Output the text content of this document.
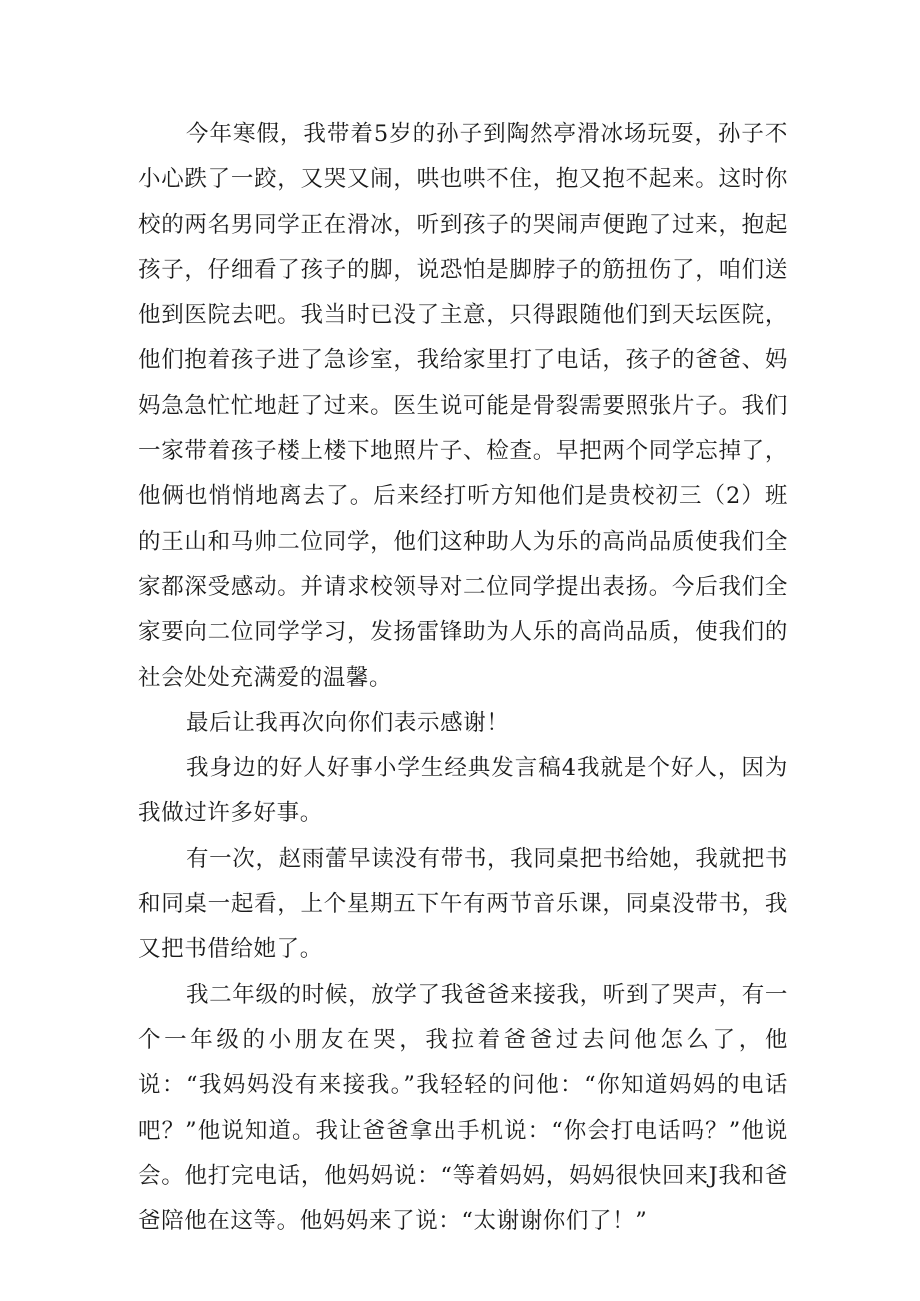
今年寒假，我带着5岁的孙子到陶然亭滑冰场玩耍，孙子不小心跌了一跤，又哭又闹，哄也哄不住，抱又抱不起来。这时你校的两名男同学正在滑冰，听到孩子的哭闹声便跑了过来，抱起孩子，仔细看了孩子的脚，说恐怕是脚脖子的筋扭伤了，咱们送他到医院去吧。我当时已没了主意，只得跟随他们到天坛医院，他们抱着孩子进了急诊室，我给家里打了电话，孩子的爸爸、妈妈急急忙忙地赶了过来。医生说可能是骨裂需要照张片子。我们一家带着孩子楼上楼下地照片子、检查。早把两个同学忘掉了，他俩也悄悄地离去了。后来经打听方知他们是贵校初三（2）班的王山和马帅二位同学，他们这种助人为乐的高尚品质使我们全家都深受感动。并请求校领导对二位同学提出表扬。今后我们全家要向二位同学学习，发扬雷锋助为人乐的高尚品质，使我们的社会处处充满爱的温馨。

最后让我再次向你们表示感谢！

我身边的好人好事小学生经典发言稿4我就是个好人，因为我做过许多好事。

有一次，赵雨蕾早读没有带书，我同桌把书给她，我就把书和同桌一起看，上个星期五下午有两节音乐课，同桌没带书，我又把书借给她了。

我二年级的时候，放学了我爸爸来接我，听到了哭声，有一个一年级的小朋友在哭，我拉着爸爸过去问他怎么了，他说：“我妈妈没有来接我。”我轻轻的问他：“你知道妈妈的电话吧？”他说知道。我让爸爸拿出手机说：“你会打电话吗？”他说会。他打完电话，他妈妈说：“等着妈妈，妈妈很快回来J我和爸爸陪他在这等。他妈妈来了说：“太谢谢你们了！”
